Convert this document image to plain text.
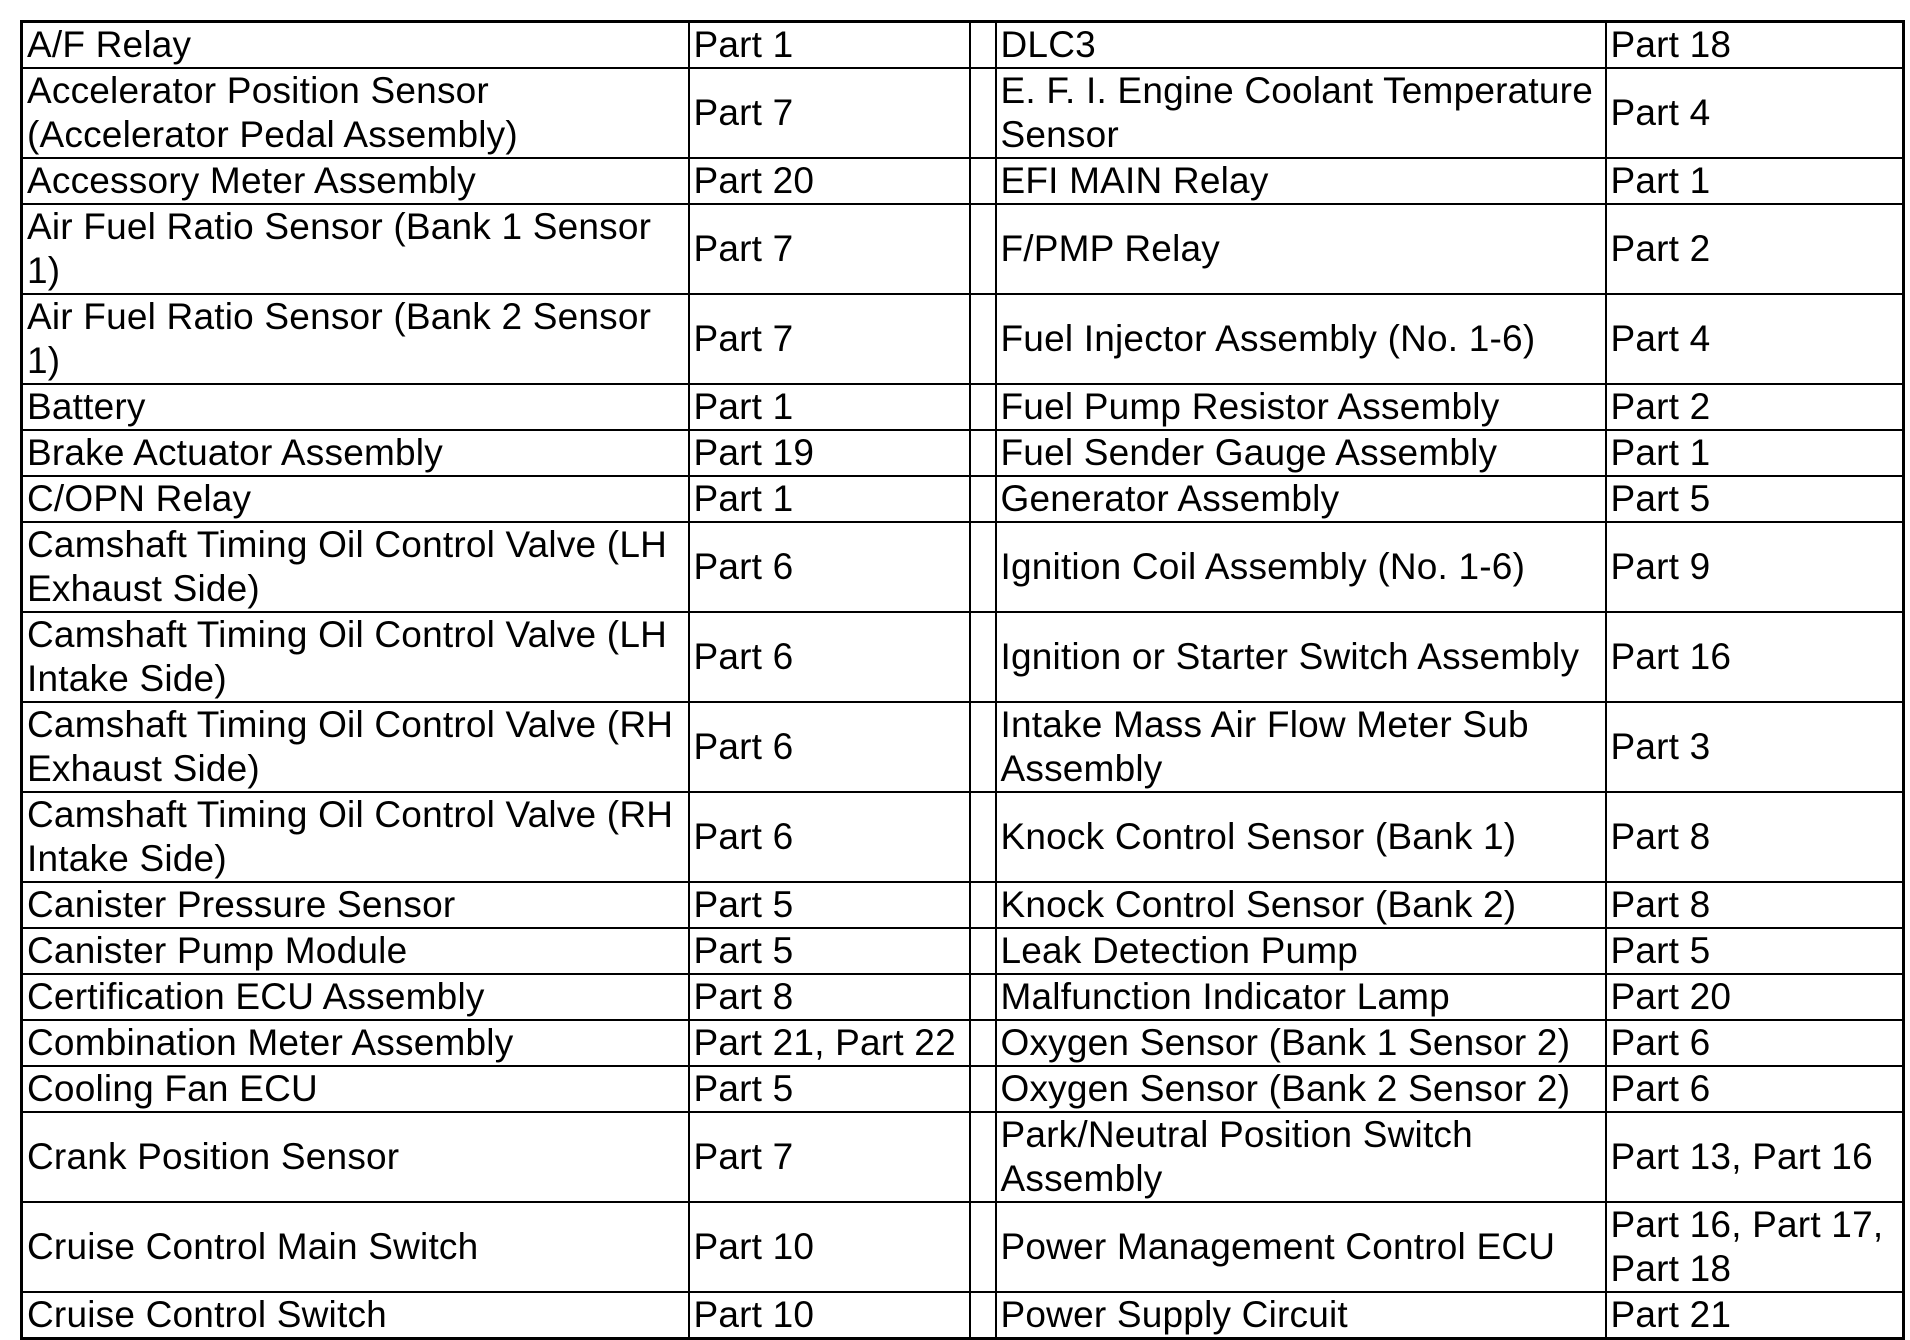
A/F Relay	Part 1		DLC3	Part 18
Accelerator Position Sensor
(Accelerator Pedal Assembly)	Part 7		E. F. I. Engine Coolant Temperature
Sensor	Part 4
Accessory Meter Assembly	Part 20		EFI MAIN Relay	Part 1
Air Fuel Ratio Sensor (Bank 1 Sensor 1)	Part 7		F/PMP Relay	Part 2
Air Fuel Ratio Sensor (Bank 2 Sensor 1)	Part 7		Fuel Injector Assembly (No. 1-6)	Part 4
Battery	Part 1		Fuel Pump Resistor Assembly	Part 2
Brake Actuator Assembly	Part 19		Fuel Sender Gauge Assembly	Part 1
C/OPN Relay	Part 1		Generator Assembly	Part 5
Camshaft Timing Oil Control Valve (LH
Exhaust Side)	Part 6		Ignition Coil Assembly (No. 1-6)	Part 9
Camshaft Timing Oil Control Valve (LH
Intake Side)	Part 6		Ignition or Starter Switch Assembly	Part 16
Camshaft Timing Oil Control Valve (RH
Exhaust Side)	Part 6		Intake Mass Air Flow Meter Sub
Assembly	Part 3
Camshaft Timing Oil Control Valve (RH
Intake Side)	Part 6		Knock Control Sensor (Bank 1)	Part 8
Canister Pressure Sensor	Part 5		Knock Control Sensor (Bank 2)	Part 8
Canister Pump Module	Part 5		Leak Detection Pump	Part 5
Certification ECU Assembly	Part 8		Malfunction Indicator Lamp	Part 20
Combination Meter Assembly	Part 21, Part 22		Oxygen Sensor (Bank 1 Sensor 2)	Part 6
Cooling Fan ECU	Part 5		Oxygen Sensor (Bank 2 Sensor 2)	Part 6
Crank Position Sensor	Part 7		Park/Neutral Position Switch
Assembly	Part 13, Part 16
Cruise Control Main Switch	Part 10		Power Management Control ECU	Part 16, Part 17,
Part 18
Cruise Control Switch	Part 10		Power Supply Circuit	Part 21
